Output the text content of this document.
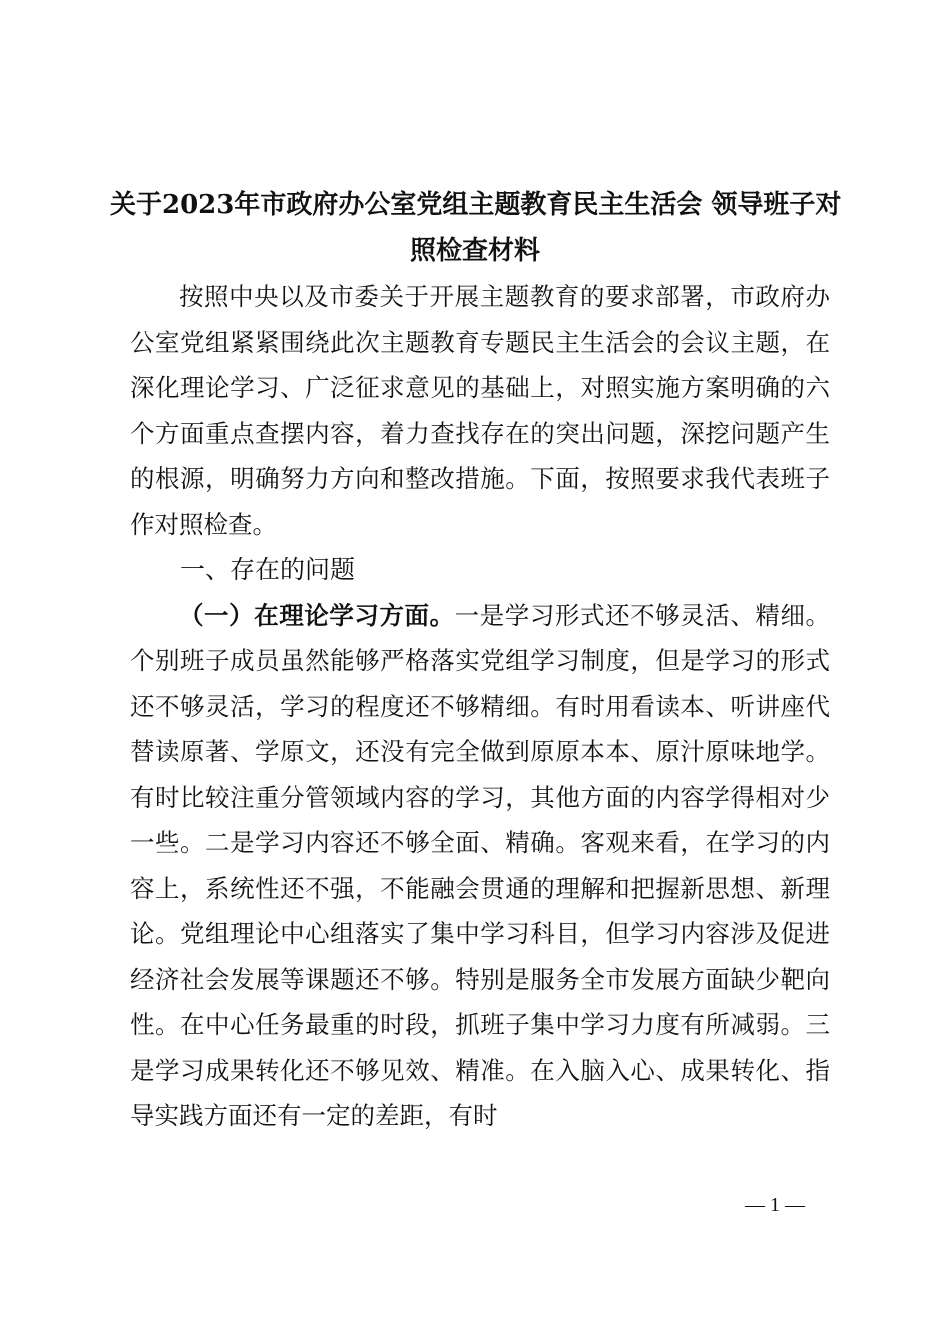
关于2023年市政府办公室党组主题教育民主生活会 领导班子对
照检查材料

按照中央以及市委关于开展主题教育的要求部署，市政府办公室党组紧紧围绕此次主题教育专题民主生活会的会议主题，在深化理论学习、广泛征求意见的基础上，对照实施方案明确的六个方面重点查摆内容，着力查找存在的突出问题，深挖问题产生的根源，明确努力方向和整改措施。下面，按照要求我代表班子作对照检查。

一、存在的问题

（一）在理论学习方面。一是学习形式还不够灵活、精细。个别班子成员虽然能够严格落实党组学习制度，但是学习的形式还不够灵活，学习的程度还不够精细。有时用看读本、听讲座代替读原著、学原文，还没有完全做到原原本本、原汁原味地学。有时比较注重分管领域内容的学习，其他方面的内容学得相对少一些。二是学习内容还不够全面、精确。客观来看，在学习的内容上，系统性还不强，不能融会贯通的理解和把握新思想、新理论。党组理论中心组落实了集中学习科目，但学习内容涉及促进经济社会发展等课题还不够。特别是服务全市发展方面缺少靶向性。在中心任务最重的时段，抓班子集中学习力度有所减弱。三是学习成果转化还不够见效、精准。在入脑入心、成果转化、指导实践方面还有一定的差距，有时

— 1 —
